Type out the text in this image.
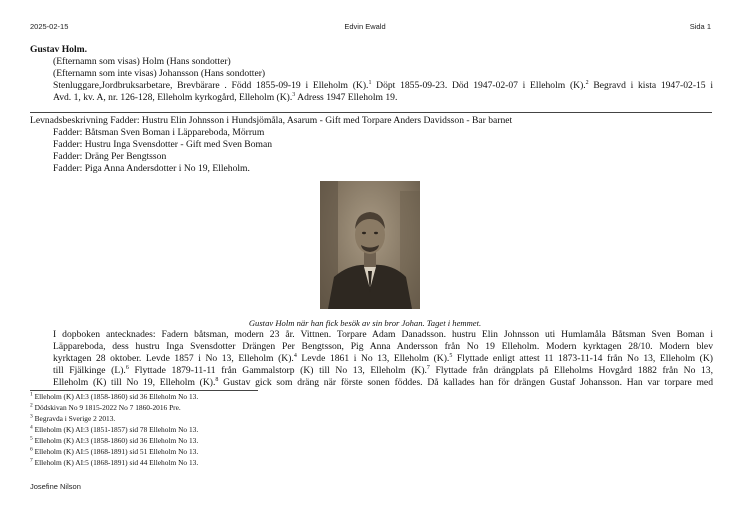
2025-02-15	Edvin Ewald	Sida 1
Gustav Holm.
(Efternamn som visas) Holm (Hans sondotter)
(Efternamn som inte visas) Johansson (Hans sondotter)
Stenluggare,Jordbruksarbetare, Brevbärare . Född 1855-09-19 i Elleholm (K).$^1$ Döpt 1855-09-23. Död 1947-02-07 i Elleholm (K).$^2$ Begravd i kista 1947-02-15 i
Avd. 1, kv. A, nr. 126-128, Elleholm kyrkogård, Elleholm (K).$^3$ Adress 1947 Elleholm 19.
Levnadsbeskrivning Fadder: Hustru Elin Johnsson i Hundsjömåla, Asarum - Gift med Torpare Anders Davidsson - Bar barnet
Fadder: Båtsman Sven Boman i Läppareboda, Mörrum
Fadder: Hustru Inga Svensdotter - Gift med Sven Boman
Fadder: Dräng Per Bengtsson
Fadder: Piga Anna Andersdotter i No 19, Elleholm.
Gustav Holm när han fick besök av sin bror Johan. Taget i hemmet.
I dopboken antecknades: Fadern båtsman, modern 23 år. Vittnen. Torpare Adam Danadsson. hustru Elin Johnsson uti Humlamåla Båtsman Sven Boman i
Läppareboda, dess hustru Inga Svensdotter Drängen Per Bengtsson, Pig Anna Andersson från No 19 Elleholm. Modern kyrktagen 28/10. Modern blev
kyrktagen 28 oktober. Levde 1857 i No 13, Elleholm (K).$^4$ Levde 1861 i No 13, Elleholm (K).$^5$ Flyttade enligt attest 11 1873-11-14 från No 13, Elleholm (K)
till Fjälkinge (L).$^6$ Flyttade 1879-11-11 från Gammalstorp (K) till No 13, Elleholm (K).$^7$ Flyttade från drängplats på Elleholms Hovgård 1882 från No 13,
Elleholm (K) till No 19, Elleholm (K).$^8$ Gustav gick som dräng när förste sonen föddes. Då kallades han för drängen Gustaf Johansson. Han var torpare med
$^1$ Elleholm (K) AI:3 (1858-1860) sid 36 Elleholm No 13.
$^2$ Dödskivan No 9 1815-2022 No 7 1860-2016 Pre.
$^3$ Begravda i Sverige 2 2013.
$^4$ Elleholm (K) AI:3 (1851-1857) sid 78 Elleholm No 13.
$^5$ Elleholm (K) AI:3 (1858-1860) sid 36 Elleholm No 13.
$^6$ Elleholm (K) AI:5 (1868-1891) sid 51 Elleholm No 13.
$^7$ Elleholm (K) AI:5 (1868-1891) sid 44 Elleholm No 13.
Josefine Nilson
